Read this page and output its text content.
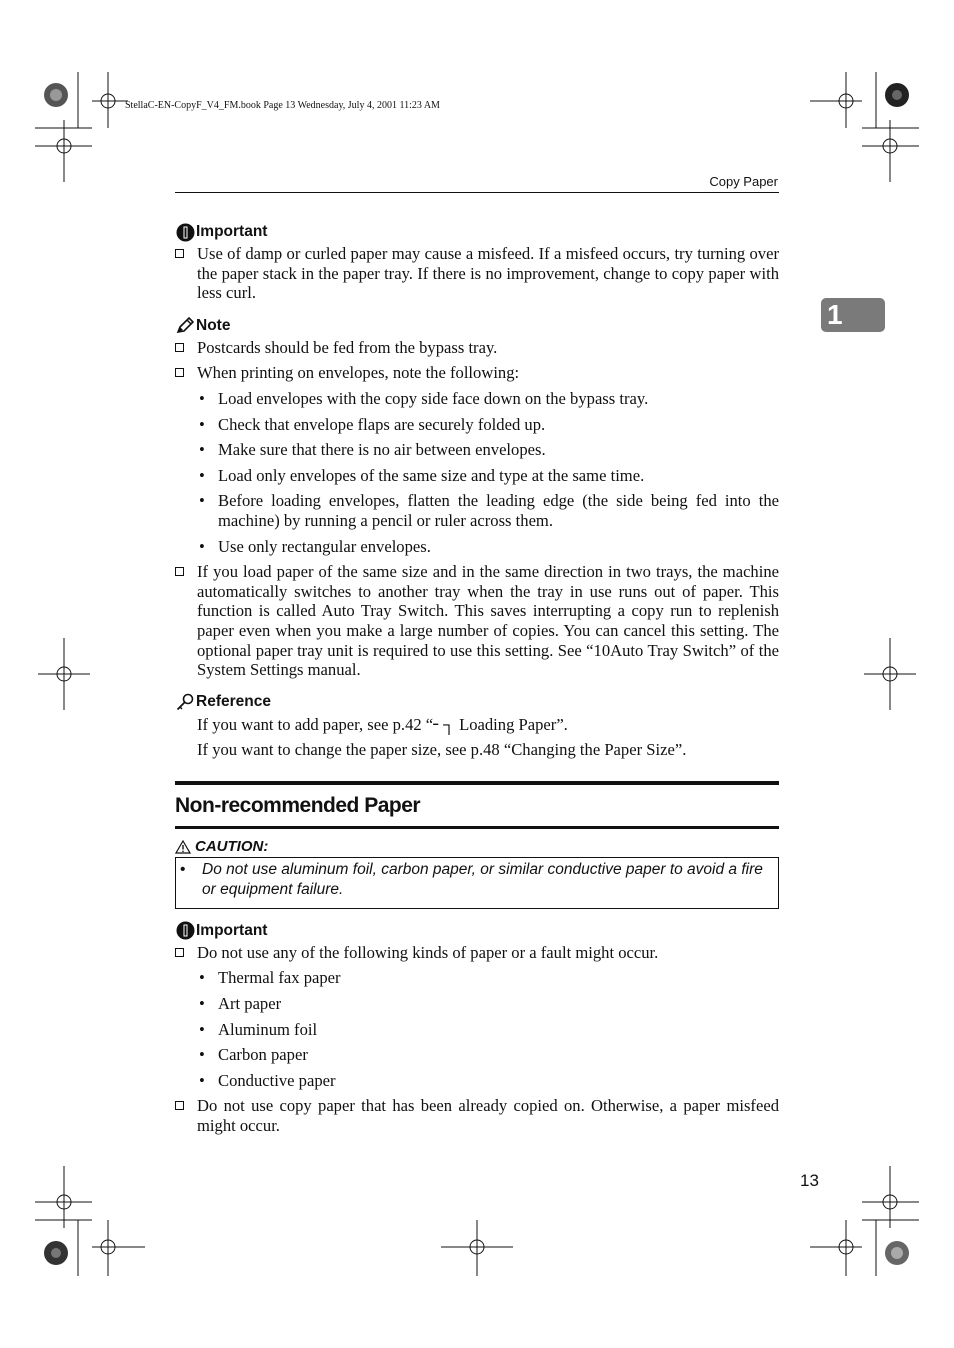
StellaC-EN-CopyF_V4_FM.book Page 13 Wednesday, July 4, 2001 11:23 AM
Copy Paper
1
Important
Use of damp or curled paper may cause a misfeed. If a misfeed occurs, try turning over the paper stack in the paper tray. If there is no improvement, change to copy paper with less curl.
Note
Postcards should be fed from the bypass tray.
When printing on envelopes, note the following:
• Load envelopes with the copy side face down on the bypass tray.
• Check that envelope flaps are securely folded up.
• Make sure that there is no air between envelopes.
• Load only envelopes of the same size and type at the same time.
• Before loading envelopes, flatten the leading edge (the side being fed into the machine) by running a pencil or ruler across them.
• Use only rectangular envelopes.
If you load paper of the same size and in the same direction in two trays, the machine automatically switches to another tray when the tray in use runs out of paper. This function is called Auto Tray Switch. This saves interrupting a copy run to replenish paper even when you make a large number of copies. You can cancel this setting. The optional paper tray unit is required to use this setting. See “10Auto Tray Switch” of the System Settings manual.
Reference
If you want to add paper, see p.42 “╴┐ Loading Paper”.
If you want to change the paper size, see p.48 “Changing the Paper Size”.
Non-recommended Paper
CAUTION:
• Do not use aluminum foil, carbon paper, or similar conductive paper to avoid a fire or equipment failure.
Important
Do not use any of the following kinds of paper or a fault might occur.
• Thermal fax paper
• Art paper
• Aluminum foil
• Carbon paper
• Conductive paper
Do not use copy paper that has been already copied on. Otherwise, a paper misfeed might occur.
13
